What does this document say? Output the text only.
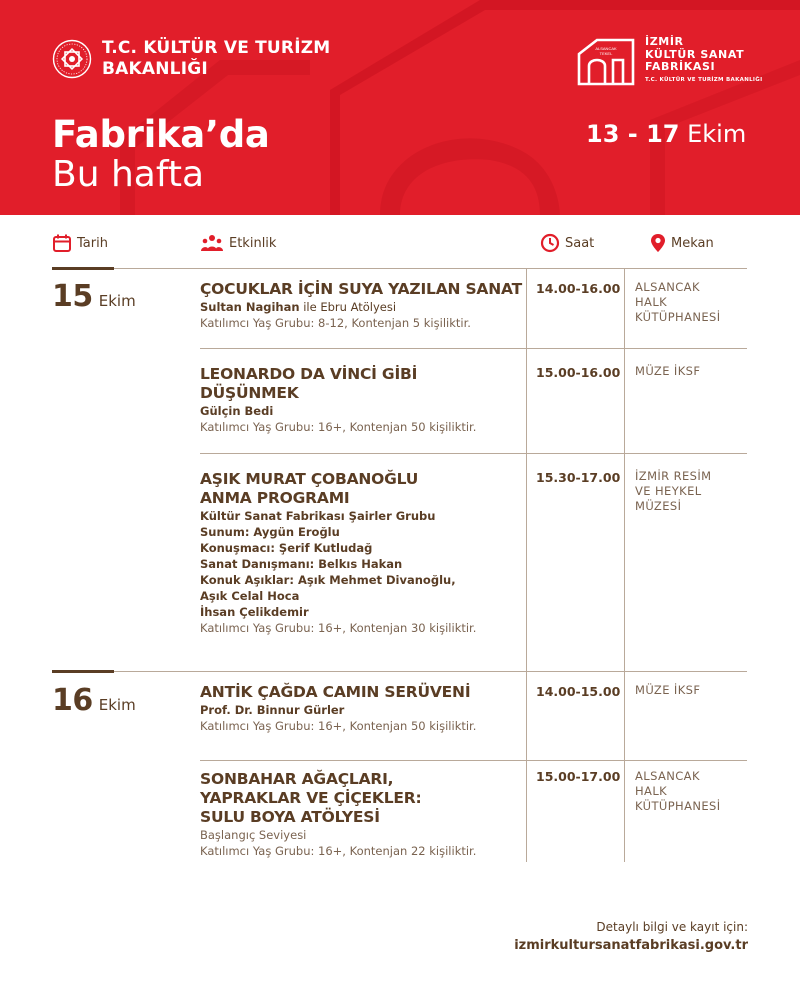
T.C. KÜLTÜR VE TURİZM
BAKANLIĞI
ALSANCAK
TEKEL
İZMİR
KÜLTÜR SANAT
FABRİKASI
T.C. KÜLTÜR VE TURİZM BAKANLIĞI
Fabrika’da
Bu hafta
13 - 17 Ekim
Tarih	Etkinlik	Saat	Mekan
15 Ekim
ÇOCUKLAR İÇİN SUYA YAZILAN SANAT
Sultan Nagihan ile Ebru Atölyesi
Katılımcı Yaş Grubu: 8-12, Kontenjan 5 kişiliktir.
14.00-16.00 ALSANCAK
HALK
KÜTÜPHANESİ
LEONARDO DA VİNCİ GİBİ
DÜŞÜNMEK
Gülçin Bedi
Katılımcı Yaş Grubu: 16+, Kontenjan 50 kişiliktir.
15.00-16.00 MÜZE İKSF
AŞIK MURAT ÇOBANOĞLU
ANMA PROGRAMI
Kültür Sanat Fabrikası Şairler Grubu
Sunum: Aygün Eroğlu
Konuşmacı: Şerif Kutludağ
Sanat Danışmanı: Belkıs Hakan
Konuk Aşıklar: Aşık Mehmet Divanoğlu,
Aşık Celal Hoca
İhsan Çelikdemir
Katılımcı Yaş Grubu: 16+, Kontenjan 30 kişiliktir.
15.30-17.00 İZMİR RESİM
VE HEYKEL
MÜZESİ
16 Ekim
ANTİK ÇAĞDA CAMIN SERÜVENİ
Prof. Dr. Binnur Gürler
Katılımcı Yaş Grubu: 16+, Kontenjan 50 kişiliktir.
14.00-15.00 MÜZE İKSF
SONBAHAR AĞAÇLARI,
YAPRAKLAR VE ÇİÇEKLER:
SULU BOYA ATÖLYESİ
Başlangıç Seviyesi
Katılımcı Yaş Grubu: 16+, Kontenjan 22 kişiliktir.
15.00-17.00 ALSANCAK
HALK
KÜTÜPHANESİ
Detaylı bilgi ve kayıt için:
izmirkultursanatfabrikasi.gov.tr
